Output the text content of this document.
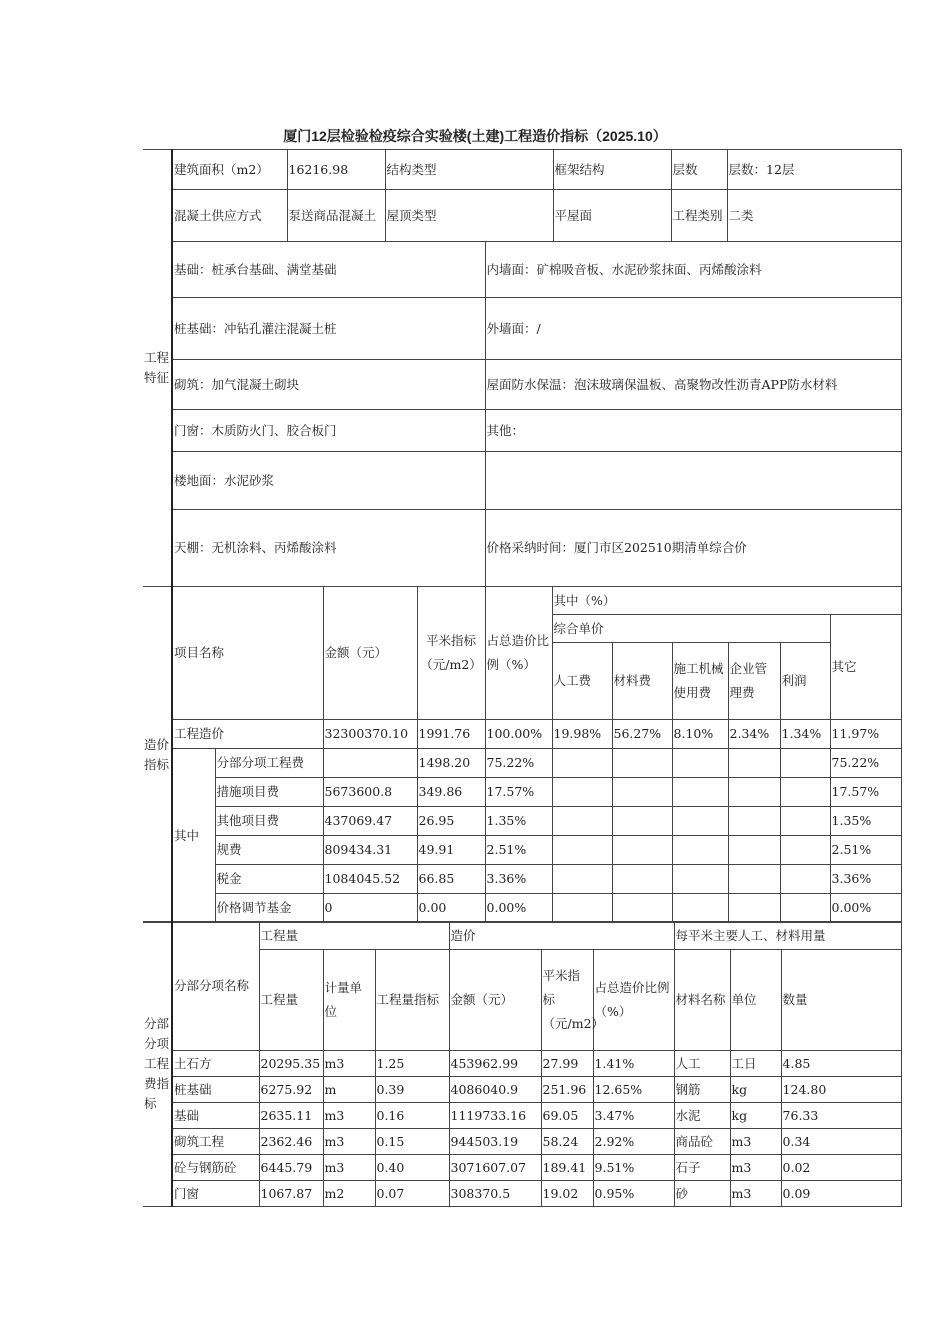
厦门12层检验检疫综合实验楼(土建)工程造价指标（2025.10）
工程特征	建筑面积（m2）	16216.98	结构类型		框架结构	层数	层数：12层
	混凝土供应方式	泵送商品混凝土	屋顶类型		平屋面	工程类别	二类
	基础：桩承台基础、满堂基础			内墙面：矿棉吸音板、水泥砂浆抹面、丙烯酸涂料			
	桩基础：冲钻孔灌注混凝土桩			外墙面：/			
	砌筑：加气混凝土砌块			屋面防水保温：泡沫玻璃保温板、高聚物改性沥青APP防水材料			
	门窗：木质防火门、胶合板门			其他：			
	楼地面：水泥砂浆						
	天棚：无机涂料、丙烯酸涂料			价格采纳时间：厦门市区202510期清单综合价			
造价指标	项目名称		金额（元）	平米指标（元/m2）	占总造价比例（%）	其中（%）					
						综合单价					其它
						人工费	材料费	施工机械使用费	企业管理费	利润	
	工程造价		32300370.10	1991.76	100.00%	19.98%	56.27%	8.10%	2.34%	1.34%	11.97%
	其中	分部分项工程费		1498.20	75.22%						75.22%
		措施项目费	5673600.8	349.86	17.57%						17.57%
		其他项目费	437069.47	26.95	1.35%						1.35%
		规费	809434.31	49.91	2.51%						2.51%
		税金	1084045.52	66.85	3.36%						3.36%
		价格调节基金	0	0.00	0.00%						0.00%
分部分项工程费指标	分部分项名称	工程量			造价			每平米主要人工、材料用量		
		工程量	计量单位	工程量指标	金额（元）	平米指标（元/m2）	占总造价比例（%）	材料名称	单位	数量
	土石方	20295.35	m3	1.25	453962.99	27.99	1.41%	人工	工日	4.85
	桩基础	6275.92	m	0.39	4086040.9	251.96	12.65%	钢筋	kg	124.80
	基础	2635.11	m3	0.16	1119733.16	69.05	3.47%	水泥	kg	76.33
	砌筑工程	2362.46	m3	0.15	944503.19	58.24	2.92%	商品砼	m3	0.34
	砼与钢筋砼	6445.79	m3	0.40	3071607.07	189.41	9.51%	石子	m3	0.02
	门窗	1067.87	m2	0.07	308370.5	19.02	0.95%	砂	m3	0.09
